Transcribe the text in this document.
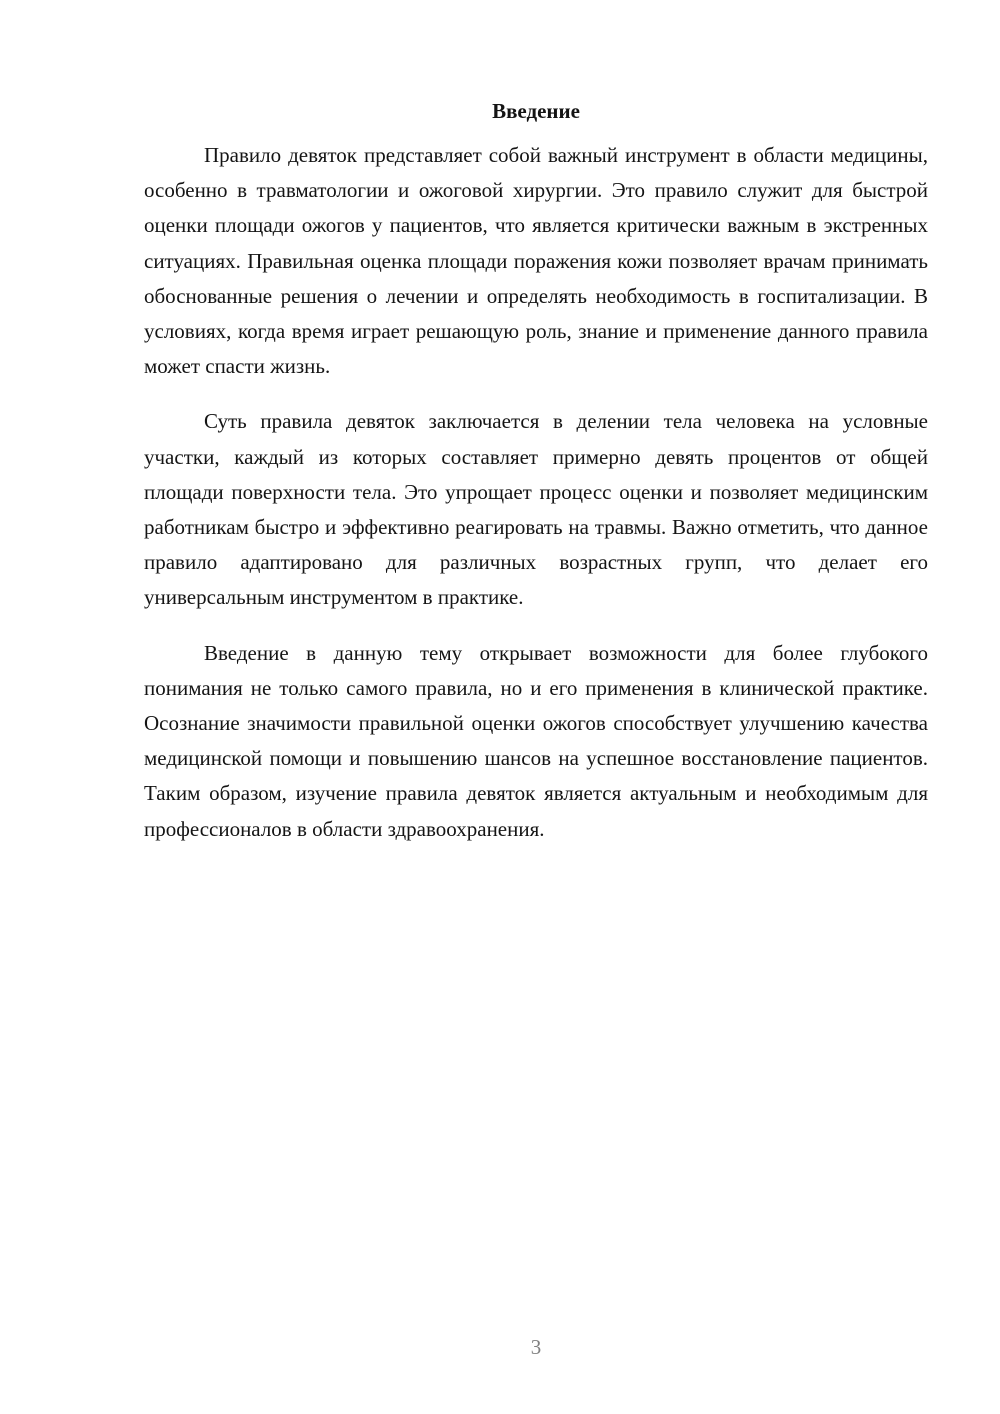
Введение

Правило девяток представляет собой важный инструмент в области медицины, особенно в травматологии и ожоговой хирургии. Это правило служит для быстрой оценки площади ожогов у пациентов, что является критически важным в экстренных ситуациях. Правильная оценка площади поражения кожи позволяет врачам принимать обоснованные решения о лечении и определять необходимость в госпитализации. В условиях, когда время играет решающую роль, знание и применение данного правила может спасти жизнь.

Суть правила девяток заключается в делении тела человека на условные участки, каждый из которых составляет примерно девять процентов от общей площади поверхности тела. Это упрощает процесс оценки и позволяет медицинским работникам быстро и эффективно реагировать на травмы. Важно отметить, что данное правило адаптировано для различных возрастных групп, что делает его универсальным инструментом в практике.

Введение в данную тему открывает возможности для более глубокого понимания не только самого правила, но и его применения в клинической практике. Осознание значимости правильной оценки ожогов способствует улучшению качества медицинской помощи и повышению шансов на успешное восстановление пациентов. Таким образом, изучение правила девяток является актуальным и необходимым для профессионалов в области здравоохранения.

3
